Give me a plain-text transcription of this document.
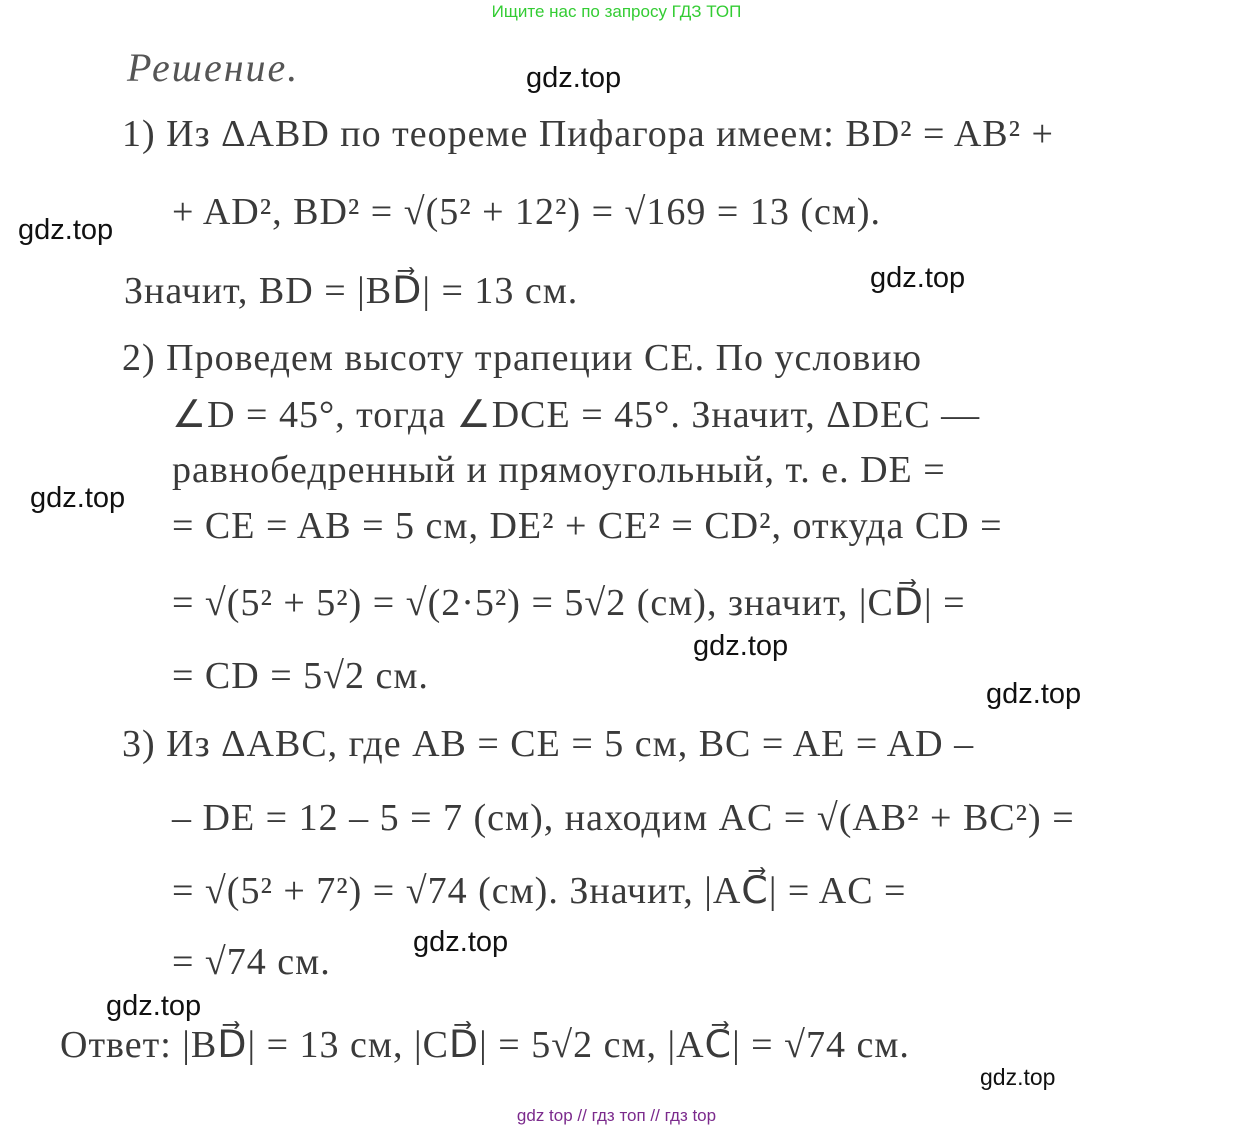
Ищите нас по запросу ГДЗ ТОП
Решение.
1) Из ΔABD по теореме Пифагора имеем: BD² = AB² +
+ AD², BD² = √(5² + 12²) = √169 = 13 (см).
Значит, BD = |BD⃗| = 13 см.
2) Проведем высоту трапеции CE. По условию
∠D = 45°, тогда ∠DCE = 45°. Значит, ΔDEC —
равнобедренный и прямоугольный, т. е. DE =
= CE = AB = 5 см, DE² + CE² = CD², откуда CD =
= √(5² + 5²) = √(2·5²) = 5√2 (см), значит, |CD⃗| =
= CD = 5√2 см.
3) Из ΔABC, где AB = CE = 5 см, BC = AE = AD –
– DE = 12 – 5 = 7 (см), находим AC = √(AB² + BC²) =
= √(5² + 7²) = √74 (см). Значит, |AC⃗| = AC =
= √74 см.
Ответ: |BD⃗| = 13 см, |CD⃗| = 5√2 см, |AC⃗| = √74 см.
gdz.top
gdz.top
gdz.top
gdz.top
gdz.top
gdz.top
gdz.top
gdz.top
gdz.top
gdz top // гдз топ // гдз top
